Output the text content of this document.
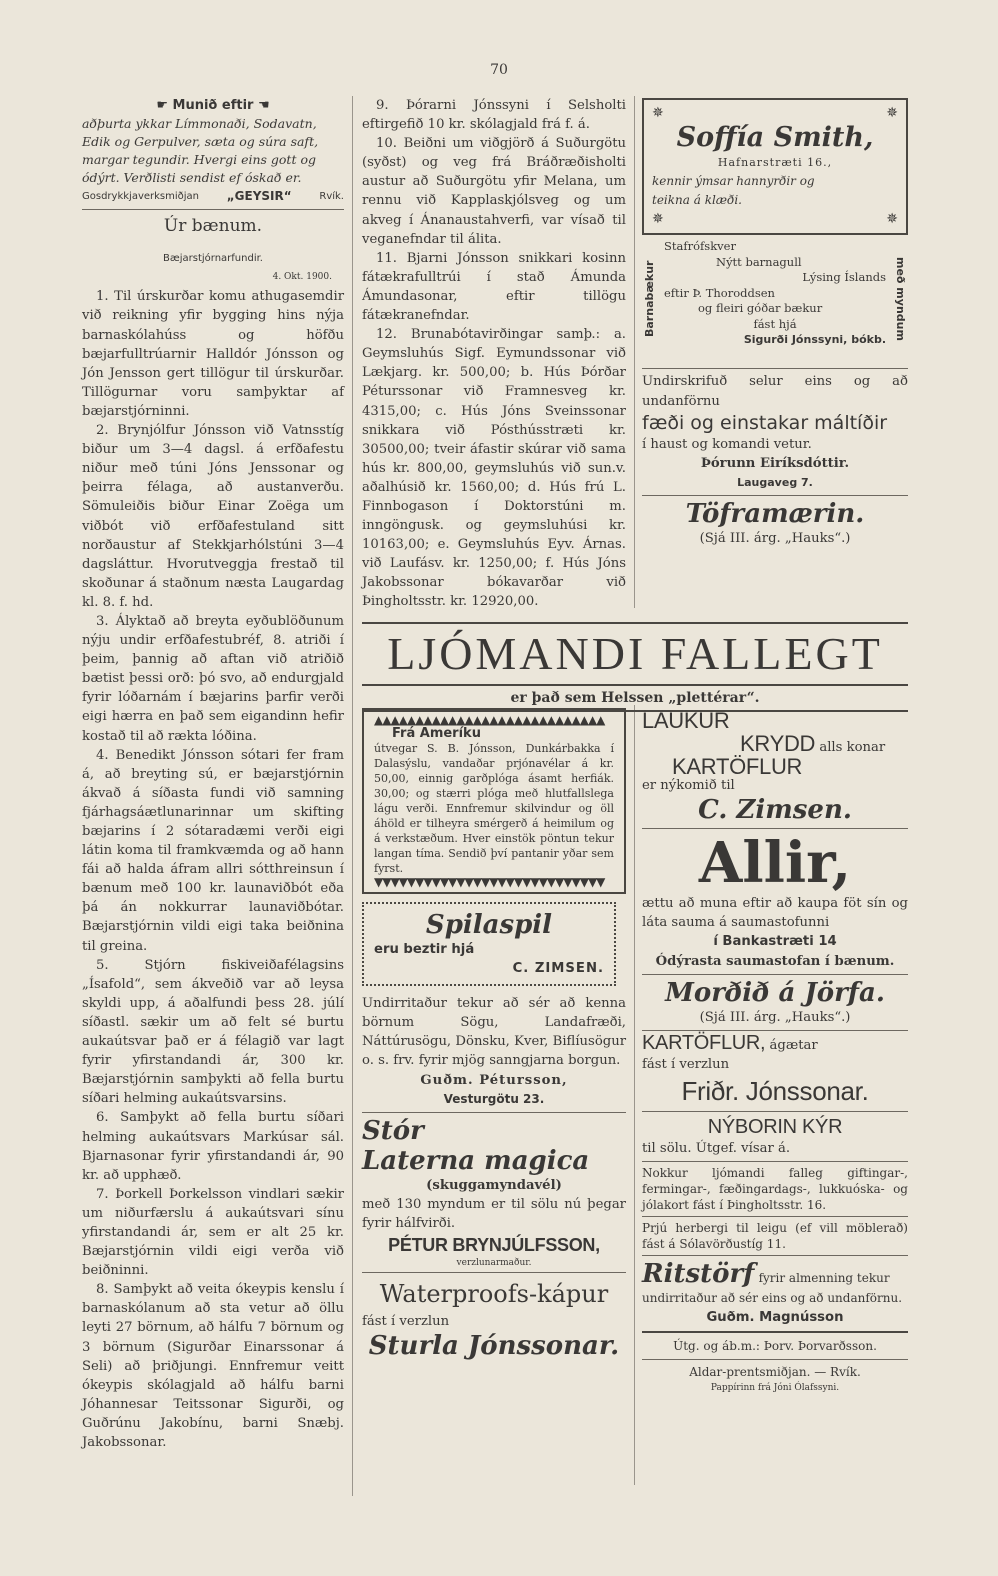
70
☛ Munið eftir ☚

aðþurta ykkar Límmonaði, Sodavatn,

Edik og Gerpulver, sæta og súra saft,

margar tegundir. Hvergi eins gott og

ódýrt. Verðlisti sendist ef óskað er.

Gosdrykkjaverksmiðjan „GEYSIR“	Rvík.
Úr bænum.
Bæjarstjórnarfundir.
4. Okt. 1900.

1. Til úrskurðar komu athugasemdir við reikning yfir bygging hins nýja barnaskólahúss og höfðu bæjarfulltrúarnir Halldór Jónsson og Jón Jensson gert tillögur til úrskurðar. Tillögurnar voru samþyktar af bæjarstjórninni.

2. Brynjólfur Jónsson við Vatnsstíg biður um 3—4 dagsl. á erfðafestu niður með túni Jóns Jenssonar og þeirra félaga, að austanverðu. Sömuleiðis biður Einar Zoëga um viðbót við erfðafestuland sitt norðaustur af Stekkjarhólstúni 3—4 dagsláttur. Hvorutveggja frestað til skoðunar á staðnum næsta Laugardag kl. 8. f. hd.

3. Ályktað að breyta eyðublöðunum nýju undir erfðafestubréf, 8. atriði í þeim, þannig að aftan við atriðið bætist þessi orð: þó svo, að endurgjald fyrir lóðarnám í bæjarins þarfir verði eigi hærra en það sem eigandinn hefir kostað til að rækta lóðina.

4. Benedikt Jónsson sótari fer fram á, að breyting sú, er bæjarstjórnin ákvað á síðasta fundi við samning fjárhagsáætlunarinnar um skifting bæjarins í 2 sótaradæmi verði eigi látin koma til framkvæmda og að hann fái að halda áfram allri sótthreinsun í bænum með 100 kr. launaviðbót eða þá án nokkurrar launaviðbótar. Bæjarstjórnin vildi eigi taka beiðnina til greina.

5. Stjórn fiskiveiðafélagsins „Ísafold“, sem ákveðið var að leysa skyldi upp, á aðalfundi þess 28. júlí síðastl. sækir um að felt sé burtu aukaútsvar það er á félagið var lagt fyrir yfirstandandi ár, 300 kr. Bæjarstjórnin samþykti að fella burtu síðari helming aukaútsvarsins.

6. Samþykt að fella burtu síðari helming aukaútsvars Markúsar sál. Bjarnasonar fyrir yfirstandandi ár, 90 kr. að upphæð.

7. Þorkell Þorkelsson vindlari sækir um niðurfærslu á aukaútsvari sínu yfirstandandi ár, sem er alt 25 kr. Bæjarstjórnin vildi eigi verða við beiðninni.

8. Samþykt að veita ókeypis kenslu í barnaskólanum að sta vetur að öllu leyti 27 börnum, að hálfu 7 börnum og 3 börnum (Sigurðar Einarssonar á Seli) að þriðjungi. Ennfremur veitt ókeypis skólagjald að hálfu barni Jóhannesar Teitssonar Sigurði, og Guðrúnu Jakobínu, barni Snæbj. Jakobssonar.

9. Þórarni Jónssyni í Selsholti eftirgefið 10 kr. skólagjald frá f. á.

10. Beiðni um viðgjörð á Suðurgötu (syðst) og veg frá Bráðræðisholti austur að Suðurgötu yfir Melana, um rennu við Kapplaskjólsveg og um akveg í Ánanaustahverfi, var vísað til veganefndar til álita.

11. Bjarni Jónsson snikkari kosinn fátækrafulltrúi í stað Ámunda Ámundasonar, eftir tillögu fátækranefndar.

12. Brunabótavirðingar samþ.: a. Geymsluhús Sigf. Eymundssonar við Lækjarg. kr. 500,00; b. Hús Þórðar Péturssonar við Framnesveg kr. 4315,00; c. Hús Jóns Sveinssonar snikkara við Pósthússtræti kr. 30500,00; tveir áfastir skúrar við sama hús kr. 800,00, geymsluhús við sun.v. aðalhúsið kr. 1560,00; d. Hús frú L. Finnbogason í Doktorstúni m. inngöngusk. og geymsluhúsi kr. 10163,00; e. Geymsluhús Eyv. Árnas. við Laufásv. kr. 1250,00; f. Hús Jóns Jakobssonar bókavarðar við Þingholtsstr. kr. 12920,00.

✵	✵
Soffía Smith,
Hafnarstræti 16.,
kennir ýmsar hannyrðir og
teikna á klæði.
✵	✵
Barnabækur	með myndum
Stafrófskver
Nýtt barnagull
Lýsing Íslands
eftir Þ. Thoroddsen
og fleiri góðar bækur
fást hjá
Sigurði Jónssyni, bókb.

Undirskrifuð selur eins og að undanförnu

fæði og einstakar máltíðir

í haust og komandi vetur.

Þórunn Eiríksdóttir.
Laugaveg 7.
Töframærin.
(Sjá III. árg. „Hauks“.)
LJÓMANDI FALLEGT
er það sem Helssen „plettérar“.
▲▲▲▲▲▲▲▲▲▲▲▲▲▲▲▲▲▲▲▲▲▲▲▲▲▲▲▲
Frá Ameríku

útvegar S. B. Jónsson, Dunkárbakka í Dalasýslu, vandaðar prjónavélar á kr. 50,00, einnig garðplóga ásamt herfiák. 30,00; og stærri plóga með hlutfallslega lágu verði. Ennfremur skilvindur og öll áhöld er tilheyra smérgerð á heimilum og á verkstæðum. Hver einstök pöntun tekur langan tíma. Sendið því pantanir yðar sem fyrst.

▼▼▼▼▼▼▼▼▼▼▼▼▼▼▼▼▼▼▼▼▼▼▼▼▼▼▼▼
Spilaspil
eru beztir hjá
C. ZIMSEN.

Undirritaður tekur að sér að kenna börnum Sögu, Landafræði, Náttúrusögu, Dönsku, Kver, Biflíusögur o. s. frv. fyrir mjög sanngjarna borgun.

Guðm. Pétursson,
Vesturgötu 23.
Stór
Laterna magica
(skuggamyndavél)

með 130 myndum er til sölu nú þegar fyrir hálfvirði.

PÉTUR BRYNJÚLFSSON,
verzlunarmaður.
Waterproofs-kápur
fást í verzlun
Sturla Jónssonar.
LAUKUR
KRYDD alls konar
KARTÖFLUR
er nýkomið til
C. Zimsen.
Allir,

ættu að muna eftir að kaupa föt sín og láta sauma á saumastofunni

í Bankastræti 14
Ódýrasta saumastofan í bænum.
Morðið á Jörfa.
(Sjá III. árg. „Hauks“.)
KARTÖFLUR, ágætar
fást í verzlun
Friðr. Jónssonar.
NÝBORIN KÝR
til sölu. Útgef. vísar á.

Nokkur ljómandi falleg giftingar-, fermingar-, fæðingardags-, lukkuóska- og jólakort fást í Þingholtsstr. 16.

Prjú herbergi til leigu (ef vill möblerað) fást á Sólavörðustíg 11.

Ritstörf fyrir almenning tekur undirritaður að sér eins og að undanförnu.
Guðm. Magnússon
Útg. og áb.m.: Þorv. Þorvarðsson.
Aldar-prentsmiðjan. — Rvík.
Pappírinn frá Jóni Ólafssyni.
